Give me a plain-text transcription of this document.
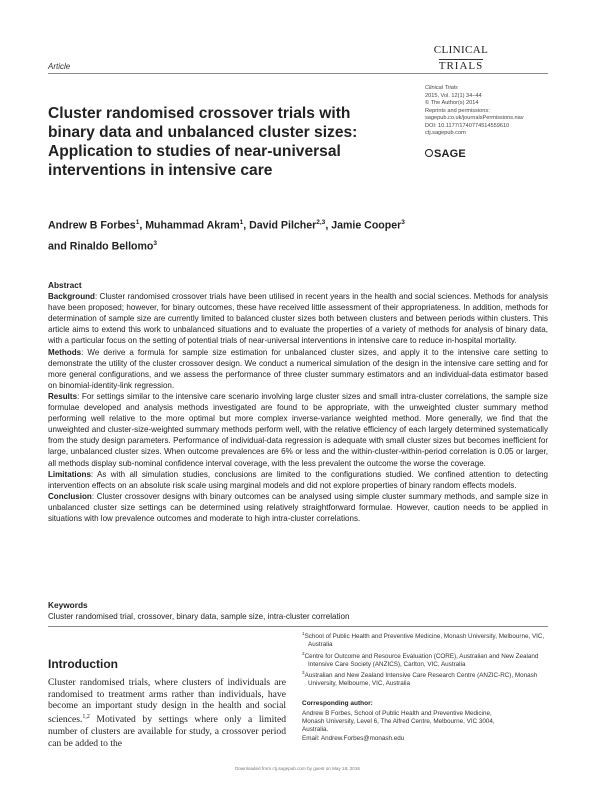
Article
CLINICAL
TRIALS
Clinical Trials
2015, Vol. 12(1) 34–44
© The Author(s) 2014
Reprints and permissions:
sagepub.co.uk/journalsPermissions.nav
DOI: 10.1177/1740774514559610
ctj.sagepub.com
SAGE
Cluster randomised crossover trials with binary data and unbalanced cluster sizes: Application to studies of near-universal interventions in intensive care
Andrew B Forbes$^1$, Muhammad Akram$^1$, David Pilcher$^{2,3}$, Jamie Cooper$^3$
and Rinaldo Bellomo$^3$
Abstract
Background: Cluster randomised crossover trials have been utilised in recent years in the health and social sciences. Methods for analysis have been proposed; however, for binary outcomes, these have received little assessment of their appropriateness. In addition, methods for determination of sample size are currently limited to balanced cluster sizes both between clusters and between periods within clusters. This article aims to extend this work to unbalanced situations and to evaluate the properties of a variety of methods for analysis of binary data, with a particular focus on the setting of potential trials of near-universal interventions in intensive care to reduce in-hospital mortality.
Methods: We derive a formula for sample size estimation for unbalanced cluster sizes, and apply it to the intensive care setting to demonstrate the utility of the cluster crossover design. We conduct a numerical simulation of the design in the intensive care setting and for more general configurations, and we assess the performance of three cluster summary estimators and an individual-data estimator based on binomial-identity-link regression.
Results: For settings similar to the intensive care scenario involving large cluster sizes and small intra-cluster correlations, the sample size formulae developed and analysis methods investigated are found to be appropriate, with the unweighted cluster summary method performing well relative to the more optimal but more complex inverse-variance weighted method. More generally, we find that the unweighted and cluster-size-weighted summary methods perform well, with the relative efficiency of each largely determined systematically from the study design parameters. Performance of individual-data regression is adequate with small cluster sizes but becomes inefficient for large, unbalanced cluster sizes. When outcome prevalences are 6% or less and the within-cluster-within-period correlation is 0.05 or larger, all methods display sub-nominal confidence interval coverage, with the less prevalent the outcome the worse the coverage.
Limitations: As with all simulation studies, conclusions are limited to the configurations studied. We confined attention to detecting intervention effects on an absolute risk scale using marginal models and did not explore properties of binary random effects models.
Conclusion: Cluster crossover designs with binary outcomes can be analysed using simple cluster summary methods, and sample size in unbalanced cluster size settings can be determined using relatively straightforward formulae. However, caution needs to be applied in situations with low prevalence outcomes and moderate to high intra-cluster correlations.
Keywords
Cluster randomised trial, crossover, binary data, sample size, intra-cluster correlation
Introduction
Cluster randomised trials, where clusters of individuals are randomised to treatment arms rather than individuals, have become an important study design in the health and social sciences.$^{1,2}$ Motivated by settings where only a limited number of clusters are available for study, a crossover period can be added to the
$^1$School of Public Health and Preventive Medicine, Monash University, Melbourne, VIC, Australia
$^2$Centre for Outcome and Resource Evaluation (CORE), Australian and New Zealand Intensive Care Society (ANZICS), Carlton, VIC, Australia
$^3$Australian and New Zealand Intensive Care Research Centre (ANZIC-RC), Monash University, Melbourne, VIC, Australia
Corresponding author:
Andrew B Forbes, School of Public Health and Preventive Medicine, Monash University, Level 6, The Alfred Centre, Melbourne, VIC 3004, Australia.
Email: Andrew.Forbes@monash.edu
Downloaded from ctj.sagepub.com by guest on May 18, 2016
